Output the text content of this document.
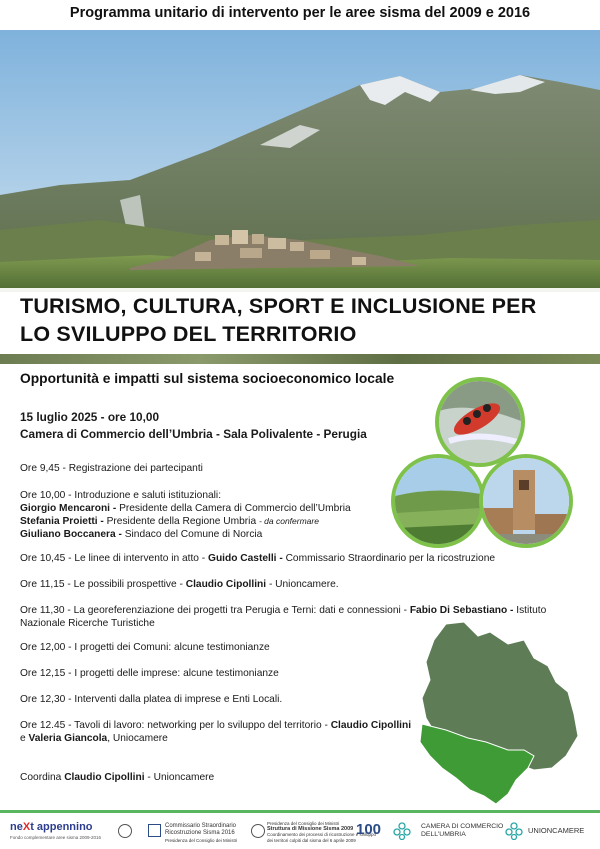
Programma unitario di intervento per le aree sisma del 2009 e 2016
TURISMO, CULTURA, SPORT E INCLUSIONE PER
LO SVILUPPO DEL TERRITORIO
Opportunità e impatti sul sistema socioeconomico locale
15 luglio 2025 - ore 10,00
Camera di Commercio dell’Umbria - Sala Polivalente - Perugia
Ore 9,45 - Registrazione dei partecipanti
Ore 10,00 - Introduzione e saluti istituzionali:
Giorgio Mencaroni - Presidente della Camera di Commercio dell’Umbria
Stefania Proietti - Presidente della Regione Umbria - da confermare
Giuliano Boccanera - Sindaco del Comune di Norcia
Ore 10,45 - Le linee di intervento in atto - Guido Castelli - Commissario Straordinario per la ricostruzione
Ore 11,15 - Le possibili prospettive - Claudio Cipollini - Unioncamere.
Ore 11,30 - La georeferenziazione dei progetti tra Perugia e Terni: dati e connessioni - Fabio Di Sebastiano - Istituto
Nazionale Ricerche Turistiche
Ore 12,00 - I progetti dei Comuni: alcune testimonianze
Ore 12,15 - I progetti delle imprese: alcune testimonianze
Ore 12,30 - Interventi dalla platea di imprese e Enti Locali.
Ore 12.45 - Tavoli di lavoro: networking per lo sviluppo del territorio - Claudio Cipollini
e Valeria Giancola, Uniocamere
Coordina Claudio Cipollini - Unioncamere
neXt appennino
Fondo complementare aree sisma 2009-2016
Commissario Straordinario
Ricostruzione Sisma 2016
Presidenza del Consiglio dei Ministri
Presidenza del Consiglio dei Ministri
Struttura di Missione Sisma 2009
Coordinamento dei processi di ricostruzione e sviluppo
dei territori colpiti dal sisma del 6 aprile 2009
100	CAMERA DI COMMERCIO
DELL'UMBRIA	UNIONCAMERE
